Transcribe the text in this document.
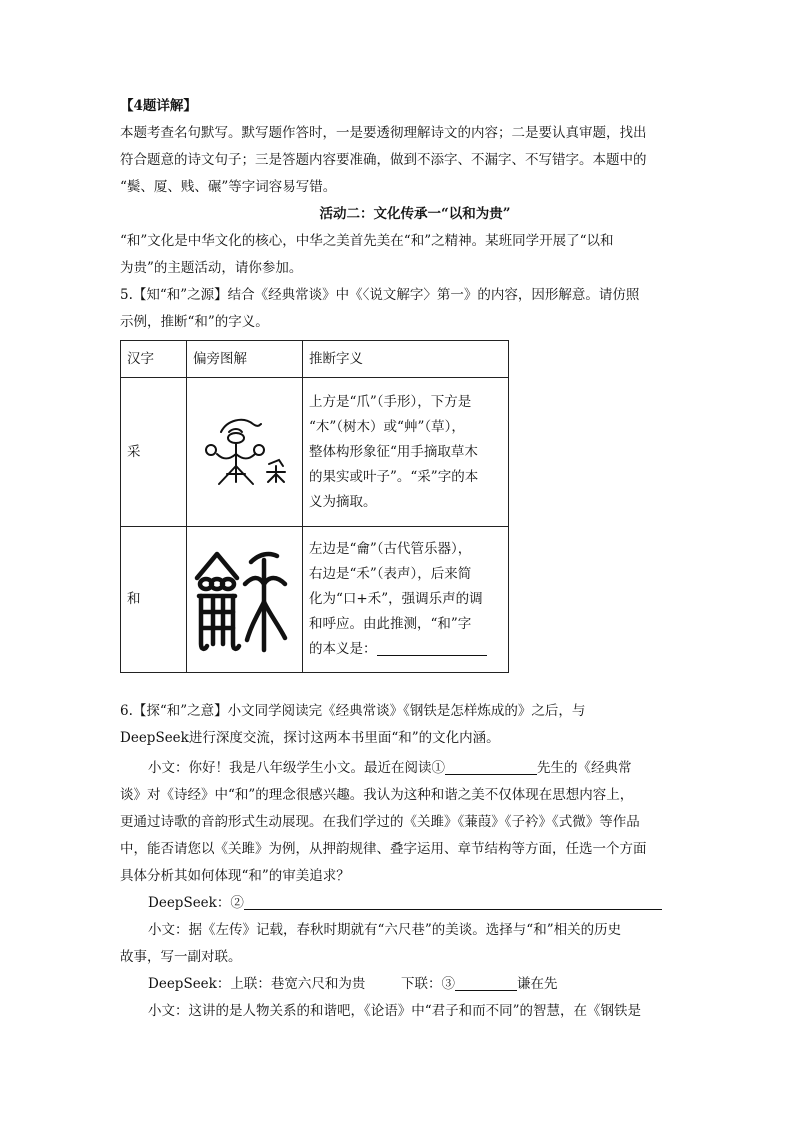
【4题详解】
本题考查名句默写。默写题作答时，一是要透彻理解诗文的内容；二是要认真审题，找出
符合题意的诗文句子；三是答题内容要准确，做到不添字、不漏字、不写错字。本题中的
“鬓、厦、贱、碾”等字词容易写错。
活动二：文化传承一“以和为贵”
“和”文化是中华文化的核心，中华之美首先美在“和”之精神。某班同学开展了“以和
为贵”的主题活动，请你参加。
5.【知“和”之源】结合《经典常谈》中《〈说文解字〉第一》的内容，因形解意。请仿照
示例，推断“和”的字义。
汉字	偏旁图解	推断字义
采		上方是“爪”（手形），下方是
“木”（树木）或“艸”（草），
整体构形象征“用手摘取草木
的果实或叶子”。“采”字的本
义为摘取。

和		左边是“龠”（古代管乐器），
右边是“禾”（表声），后来简
化为“口+禾”，强调乐声的调
和呼应。由此推测，“和”字
的本义是：
6.【探“和”之意】小文同学阅读完《经典常谈》《钢铁是怎样炼成的》之后，与
DeepSeek进行深度交流，探讨这两本书里面“和”的文化内涵。
小文：你好！我是八年级学生小文。最近在阅读①	先生的《经典常
谈》对《诗经》中“和”的理念很感兴趣。我认为这种和谐之美不仅体现在思想内容上，
更通过诗歌的音韵形式生动展现。在我们学过的《关雎》《蒹葭》《子衿》《式微》等作品
中，能否请您以《关雎》为例，从押韵规律、叠字运用、章节结构等方面，任选一个方面
具体分析其如何体现“和”的审美追求？
DeepSeek：②
小文：据《左传》记载，春秋时期就有“六尺巷”的美谈。选择与“和”相关的历史
故事，写一副对联。
DeepSeek：上联：巷宽六尺和为贵	下联：③	谦在先
小文：这讲的是人物关系的和谐吧，《论语》中“君子和而不同”的智慧，在《钢铁是
